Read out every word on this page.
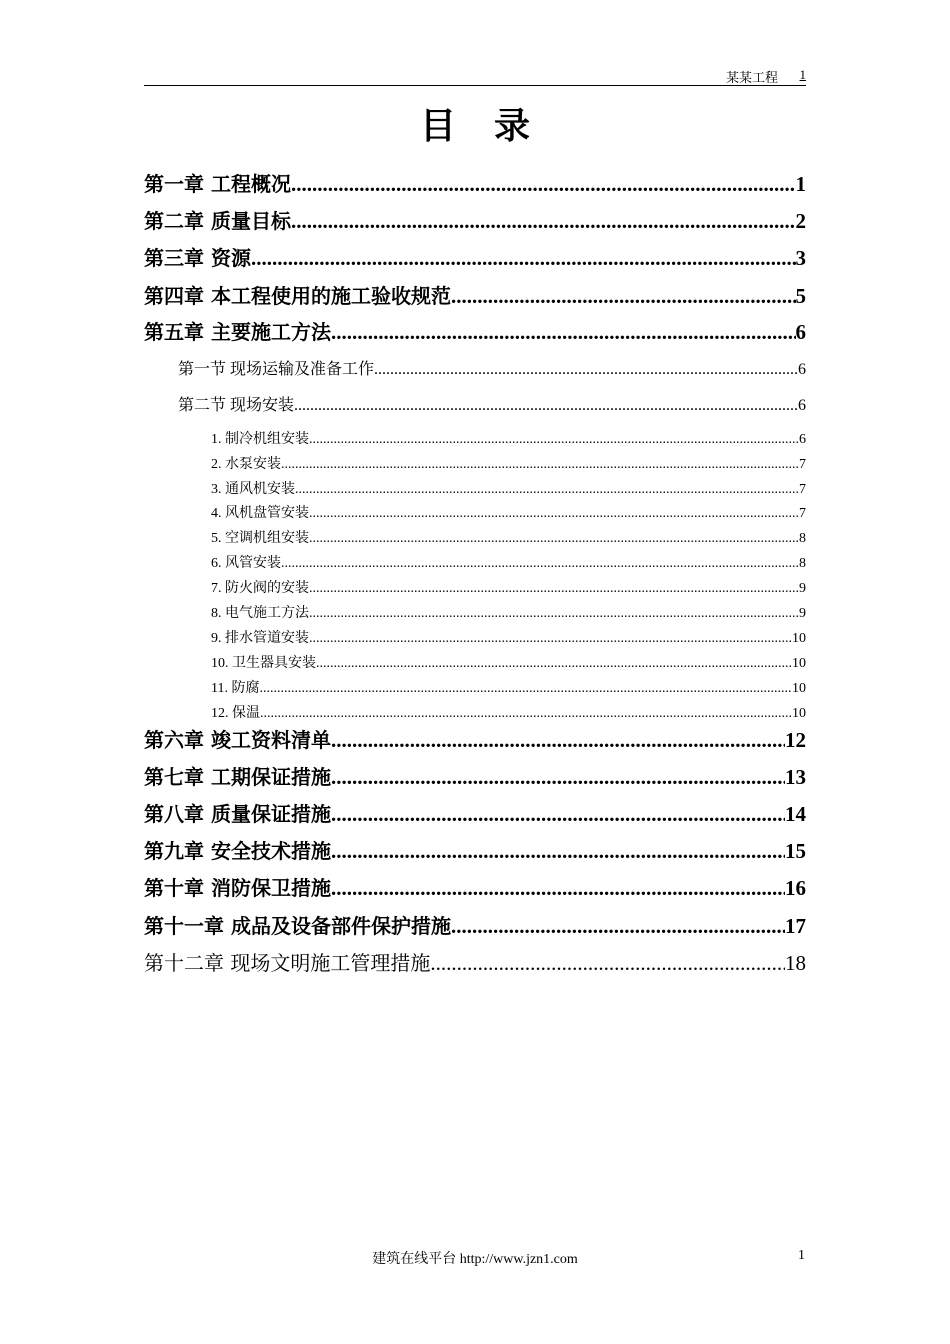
某某工程 1
目录
第一章 工程概况 .....	1
第二章 质量目标 .....	2
第三章 资源 .....	3
第四章 本工程使用的施工验收规范 .....	5
第五章 主要施工方法 .....	6
第一节 现场运输及准备工作 .....	6
第二节 现场安装 .....	6
1. 制冷机组安装 .....	6
2. 水泵安装 .....	7
3. 通风机安装 .....	7
4. 风机盘管安装 .....	7
5. 空调机组安装 .....	8
6. 风管安装 .....	8
7. 防火阀的安装 .....	9
8. 电气施工方法 .....	9
9. 排水管道安装 .....	10
10. 卫生器具安装 .....	10
11. 防腐 .....	10
12. 保温 .....	10
第六章 竣工资料清单 .....	12
第七章 工期保证措施 .....	13
第八章 质量保证措施 .....	14
第九章 安全技术措施 .....	15
第十章 消防保卫措施 .....	16
第十一章 成品及设备部件保护措施 .....	17
第十二章 现场文明施工管理措施 .....	18
建筑在线平台 http://www.jzn1.com	1
